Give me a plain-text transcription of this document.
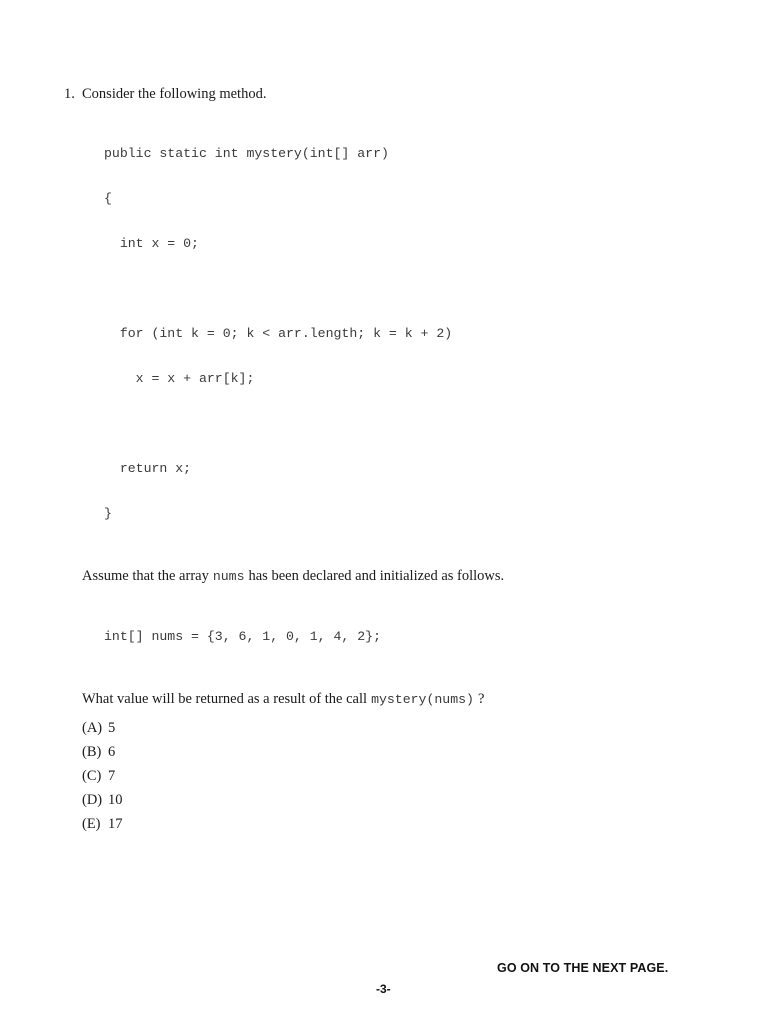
1. Consider the following method.

public static int mystery(int[] arr)

{

int x = 0;

for (int k = 0; k < arr.length; k = k + 2)

x = x + arr[k];

return x;

}

Assume that the array nums has been declared and initialized as follows.

int[] nums = {3, 6, 1, 0, 1, 4, 2};

What value will be returned as a result of the call mystery(nums) ?
(A) 5
(B) 6
(C) 7
(D) 10
(E) 17
GO ON TO THE NEXT PAGE.
-3-
